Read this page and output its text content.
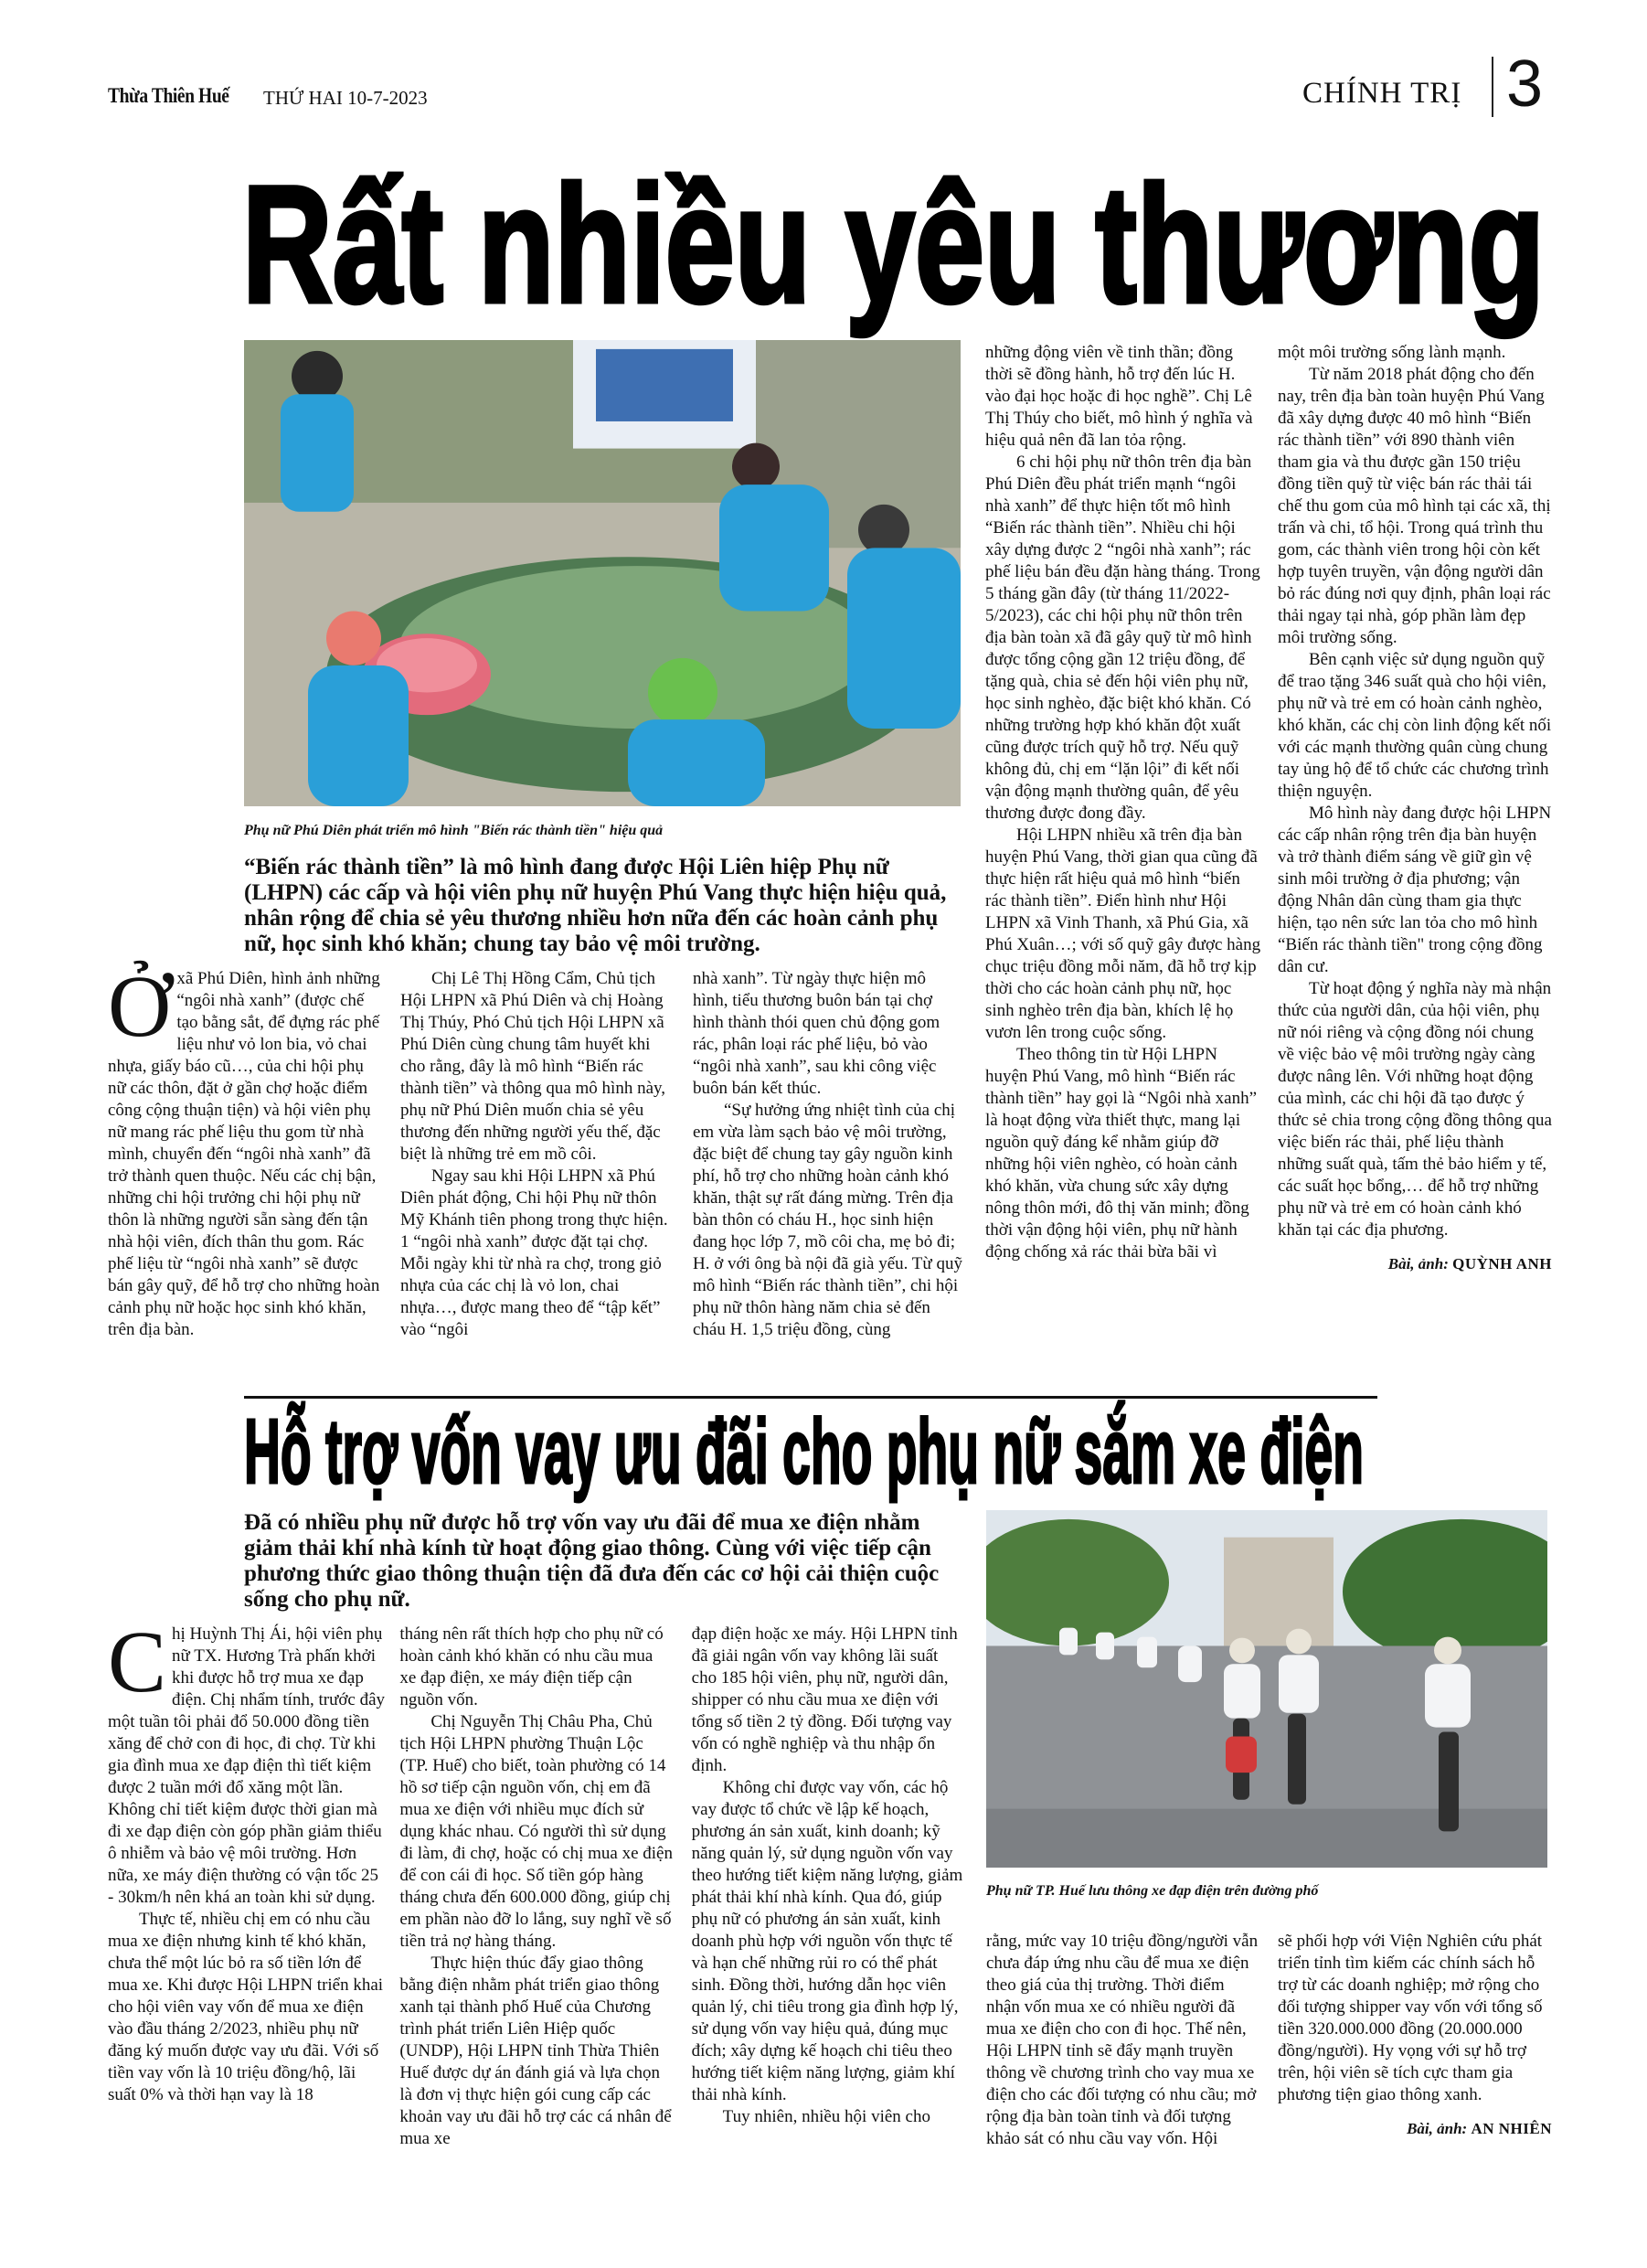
Thừa Thiên Huế THỨ HAI 10-7-2023	CHÍNH TRỊ 3
Rất nhiều yêu thương
Phụ nữ Phú Diên phát triển mô hình "Biến rác thành tiền" hiệu quả
“Biến rác thành tiền” là mô hình đang được Hội Liên hiệp Phụ nữ (LHPN) các cấp và hội viên phụ nữ huyện Phú Vang thực hiện hiệu quả, nhân rộng để chia sẻ yêu thương nhiều hơn nữa đến các hoàn cảnh phụ nữ, học sinh khó khăn; chung tay bảo vệ môi trường.

Ởxã Phú Diên, hình ảnh những “ngôi nhà xanh” (được chế tạo bằng sắt, để đựng rác phế liệu như vỏ lon bia, vỏ chai nhựa, giấy báo cũ…, của chi hội phụ nữ các thôn, đặt ở gần chợ hoặc điểm công cộng thuận tiện) và hội viên phụ nữ mang rác phế liệu thu gom từ nhà mình, chuyển đến “ngôi nhà xanh” đã trở thành quen thuộc. Nếu các chị bận, những chi hội trưởng chi hội phụ nữ thôn là những người sẵn sàng đến tận nhà hội viên, đích thân thu gom. Rác phế liệu từ “ngôi nhà xanh” sẽ được bán gây quỹ, để hỗ trợ cho những hoàn cảnh phụ nữ hoặc học sinh khó khăn, trên địa bàn.

Chị Lê Thị Hồng Cẩm, Chủ tịch Hội LHPN xã Phú Diên và chị Hoàng Thị Thúy, Phó Chủ tịch Hội LHPN xã Phú Diên cùng chung tâm huyết khi cho rằng, đây là mô hình “Biến rác thành tiền” và thông qua mô hình này, phụ nữ Phú Diên muốn chia sẻ yêu thương đến những người yếu thế, đặc biệt là những trẻ em mồ côi.

Ngay sau khi Hội LHPN xã Phú Diên phát động, Chi hội Phụ nữ thôn Mỹ Khánh tiên phong trong thực hiện. 1 “ngôi nhà xanh” được đặt tại chợ. Mỗi ngày khi từ nhà ra chợ, trong giỏ nhựa của các chị là vỏ lon, chai nhựa…, được mang theo để “tập kết” vào “ngôi

nhà xanh”. Từ ngày thực hiện mô hình, tiểu thương buôn bán tại chợ hình thành thói quen chủ động gom rác, phân loại rác phế liệu, bỏ vào “ngôi nhà xanh”, sau khi công việc buôn bán kết thúc.

“Sự hưởng ứng nhiệt tình của chị em vừa làm sạch bảo vệ môi trường, đặc biệt để chung tay gây nguồn kinh phí, hỗ trợ cho những hoàn cảnh khó khăn, thật sự rất đáng mừng. Trên địa bàn thôn có cháu H., học sinh hiện đang học lớp 7, mồ côi cha, mẹ bỏ đi; H. ở với ông bà nội đã già yếu. Từ quỹ mô hình “Biến rác thành tiền”, chi hội phụ nữ thôn hàng năm chia sẻ đến cháu H. 1,5 triệu đồng, cùng

những động viên về tinh thần; đồng thời sẽ đồng hành, hỗ trợ đến lúc H. vào đại học hoặc đi học nghề”. Chị Lê Thị Thúy cho biết, mô hình ý nghĩa và hiệu quả nên đã lan tỏa rộng.

6 chi hội phụ nữ thôn trên địa bàn Phú Diên đều phát triển mạnh “ngôi nhà xanh” để thực hiện tốt mô hình “Biến rác thành tiền”. Nhiều chi hội xây dựng được 2 “ngôi nhà xanh”; rác phế liệu bán đều đặn hàng tháng. Trong 5 tháng gần đây (từ tháng 11/2022-5/2023), các chi hội phụ nữ thôn trên địa bàn toàn xã đã gây quỹ từ mô hình được tổng cộng gần 12 triệu đồng, để tặng quà, chia sẻ đến hội viên phụ nữ, học sinh nghèo, đặc biệt khó khăn. Có những trường hợp khó khăn đột xuất cũng được trích quỹ hỗ trợ. Nếu quỹ không đủ, chị em “lặn lội” đi kết nối vận động mạnh thường quân, để yêu thương được đong đầy.

Hội LHPN nhiều xã trên địa bàn huyện Phú Vang, thời gian qua cũng đã thực hiện rất hiệu quả mô hình “biến rác thành tiền”. Điển hình như Hội LHPN xã Vinh Thanh, xã Phú Gia, xã Phú Xuân…; với số quỹ gây được hàng chục triệu đồng mỗi năm, đã hỗ trợ kịp thời cho các hoàn cảnh phụ nữ, học sinh nghèo trên địa bàn, khích lệ họ vươn lên trong cuộc sống.

Theo thông tin từ Hội LHPN huyện Phú Vang, mô hình “Biến rác thành tiền” hay gọi là “Ngôi nhà xanh” là hoạt động vừa thiết thực, mang lại nguồn quỹ đáng kể nhằm giúp đỡ những hội viên nghèo, có hoàn cảnh khó khăn, vừa chung sức xây dựng nông thôn mới, đô thị văn minh; đồng thời vận động hội viên, phụ nữ hành động chống xả rác thải bừa bãi vì

một môi trường sống lành mạnh.

Từ năm 2018 phát động cho đến nay, trên địa bàn toàn huyện Phú Vang đã xây dựng được 40 mô hình “Biến rác thành tiền” với 890 thành viên tham gia và thu được gần 150 triệu đồng tiền quỹ từ việc bán rác thải tái chế thu gom của mô hình tại các xã, thị trấn và chi, tổ hội. Trong quá trình thu gom, các thành viên trong hội còn kết hợp tuyên truyền, vận động người dân bỏ rác đúng nơi quy định, phân loại rác thải ngay tại nhà, góp phần làm đẹp môi trường sống.

Bên cạnh việc sử dụng nguồn quỹ để trao tặng 346 suất quà cho hội viên, phụ nữ và trẻ em có hoàn cảnh nghèo, khó khăn, các chị còn linh động kết nối với các mạnh thường quân cùng chung tay ủng hộ để tổ chức các chương trình thiện nguyện.

Mô hình này đang được hội LHPN các cấp nhân rộng trên địa bàn huyện và trở thành điểm sáng về giữ gìn vệ sinh môi trường ở địa phương; vận động Nhân dân cùng tham gia thực hiện, tạo nên sức lan tỏa cho mô hình “Biến rác thành tiền" trong cộng đồng dân cư.

Từ hoạt động ý nghĩa này mà nhận thức của người dân, của hội viên, phụ nữ nói riêng và cộng đồng nói chung về việc bảo vệ môi trường ngày càng được nâng lên. Với những hoạt động của mình, các chi hội đã tạo được ý thức sẻ chia trong cộng đồng thông qua việc biến rác thải, phế liệu thành những suất quà, tấm thẻ bảo hiểm y tế, các suất học bổng,… để hỗ trợ những phụ nữ và trẻ em có hoàn cảnh khó khăn tại các địa phương.

Bài, ảnh: QUỲNH ANH
Hỗ trợ vốn vay ưu đãi cho phụ nữ sắm xe điện
Phụ nữ TP. Huế lưu thông xe đạp điện trên đường phố
Đã có nhiều phụ nữ được hỗ trợ vốn vay ưu đãi để mua xe điện nhằm giảm thải khí nhà kính từ hoạt động giao thông. Cùng với việc tiếp cận phương thức giao thông thuận tiện đã đưa đến các cơ hội cải thiện cuộc sống cho phụ nữ.

Chị Huỳnh Thị Ái, hội viên phụ nữ TX. Hương Trà phấn khởi khi được hỗ trợ mua xe đạp điện. Chị nhẩm tính, trước đây một tuần tôi phải đổ 50.000 đồng tiền xăng để chở con đi học, đi chợ. Từ khi gia đình mua xe đạp điện thì tiết kiệm được 2 tuần mới đổ xăng một lần. Không chỉ tiết kiệm được thời gian mà đi xe đạp điện còn góp phần giảm thiểu ô nhiễm và bảo vệ môi trường. Hơn nữa, xe máy điện thường có vận tốc 25 - 30km/h nên khá an toàn khi sử dụng.

Thực tế, nhiều chị em có nhu cầu mua xe điện nhưng kinh tế khó khăn, chưa thể một lúc bỏ ra số tiền lớn để mua xe. Khi được Hội LHPN triển khai cho hội viên vay vốn để mua xe điện vào đầu tháng 2/2023, nhiều phụ nữ đăng ký muốn được vay ưu đãi. Với số tiền vay vốn là 10 triệu đồng/hộ, lãi suất 0% và thời hạn vay là 18

tháng nên rất thích hợp cho phụ nữ có hoàn cảnh khó khăn có nhu cầu mua xe đạp điện, xe máy điện tiếp cận nguồn vốn.

Chị Nguyễn Thị Châu Pha, Chủ tịch Hội LHPN phường Thuận Lộc (TP. Huế) cho biết, toàn phường có 14 hồ sơ tiếp cận nguồn vốn, chị em đã mua xe điện với nhiều mục đích sử dụng khác nhau. Có người thì sử dụng đi làm, đi chợ, hoặc có chị mua xe điện để con cái đi học. Số tiền góp hàng tháng chưa đến 600.000 đồng, giúp chị em phần nào đỡ lo lắng, suy nghĩ về số tiền trả nợ hàng tháng.

Thực hiện thúc đẩy giao thông bằng điện nhằm phát triển giao thông xanh tại thành phố Huế của Chương trình phát triển Liên Hiệp quốc (UNDP), Hội LHPN tỉnh Thừa Thiên Huế được dự án đánh giá và lựa chọn là đơn vị thực hiện gói cung cấp các khoản vay ưu đãi hỗ trợ các cá nhân để mua xe

đạp điện hoặc xe máy. Hội LHPN tỉnh đã giải ngân vốn vay không lãi suất cho 185 hội viên, phụ nữ, người dân, shipper có nhu cầu mua xe điện với tổng số tiền 2 tỷ đồng. Đối tượng vay vốn có nghề nghiệp và thu nhập ổn định.

Không chỉ được vay vốn, các hộ vay được tổ chức về lập kế hoạch, phương án sản xuất, kinh doanh; kỹ năng quản lý, sử dụng nguồn vốn vay theo hướng tiết kiệm năng lượng, giảm phát thải khí nhà kính. Qua đó, giúp phụ nữ có phương án sản xuất, kinh doanh phù hợp với nguồn vốn thực tế và hạn chế những rủi ro có thể phát sinh. Đồng thời, hướng dẫn học viên quản lý, chi tiêu trong gia đình hợp lý, sử dụng vốn vay hiệu quả, đúng mục đích; xây dựng kế hoạch chi tiêu theo hướng tiết kiệm năng lượng, giảm khí thải nhà kính.

Tuy nhiên, nhiều hội viên cho

rằng, mức vay 10 triệu đồng/người vẫn chưa đáp ứng nhu cầu để mua xe điện theo giá của thị trường. Thời điểm nhận vốn mua xe có nhiều người đã mua xe điện cho con đi học. Thế nên, Hội LHPN tỉnh sẽ đẩy mạnh truyền thông về chương trình cho vay mua xe điện cho các đối tượng có nhu cầu; mở rộng địa bàn toàn tỉnh và đối tượng khảo sát có nhu cầu vay vốn. Hội

sẽ phối hợp với Viện Nghiên cứu phát triển tỉnh tìm kiếm các chính sách hỗ trợ từ các doanh nghiệp; mở rộng cho đối tượng shipper vay vốn với tổng số tiền 320.000.000 đồng (20.000.000 đồng/người). Hy vọng với sự hỗ trợ trên, hội viên sẽ tích cực tham gia phương tiện giao thông xanh.

Bài, ảnh: AN NHIÊN
